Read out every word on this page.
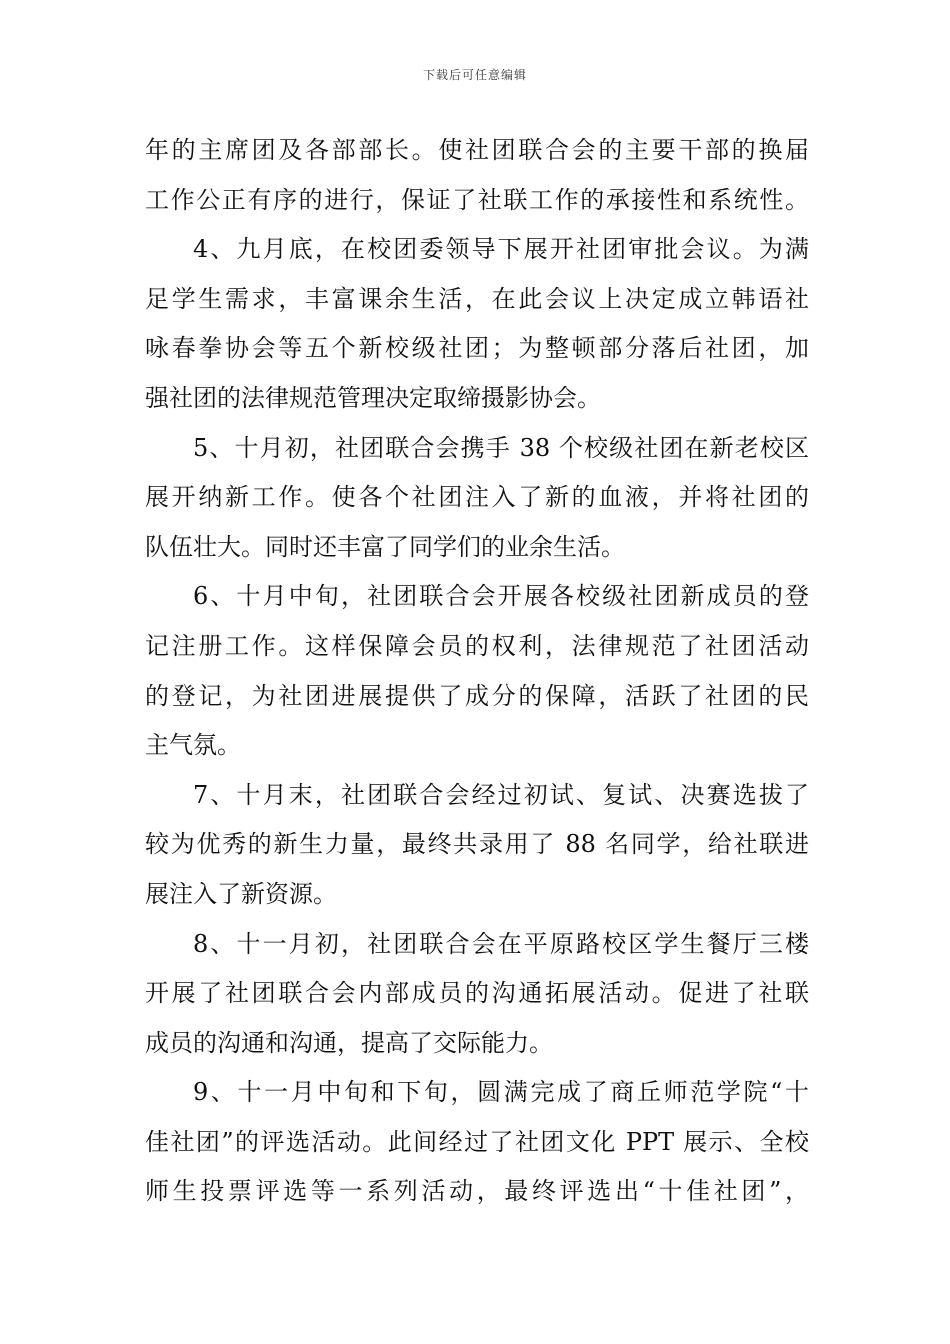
下载后可任意编辑
年的主席团及各部部长。使社团联合会的主要干部的换届
工作公正有序的进行，保证了社联工作的承接性和系统性。
4、九月底，在校团委领导下展开社团审批会议。为满
足学生需求，丰富课余生活，在此会议上决定成立韩语社
咏春拳协会等五个新校级社团；为整顿部分落后社团，加
强社团的法律规范管理决定取缔摄影协会。
5、十月初，社团联合会携手 38 个校级社团在新老校区
展开纳新工作。使各个社团注入了新的血液，并将社团的
队伍壮大。同时还丰富了同学们的业余生活。
6、十月中旬，社团联合会开展各校级社团新成员的登
记注册工作。这样保障会员的权利，法律规范了社团活动
的登记，为社团进展提供了成分的保障，活跃了社团的民
主气氛。
7、十月末，社团联合会经过初试、复试、决赛选拔了
较为优秀的新生力量，最终共录用了 88 名同学，给社联进
展注入了新资源。
8、十一月初，社团联合会在平原路校区学生餐厅三楼
开展了社团联合会内部成员的沟通拓展活动。促进了社联
成员的沟通和沟通，提高了交际能力。
9、十一月中旬和下旬，圆满完成了商丘师范学院“十
佳社团”的评选活动。此间经过了社团文化 PPT 展示、全校
师生投票评选等一系列活动，最终评选出“十佳社团”，
